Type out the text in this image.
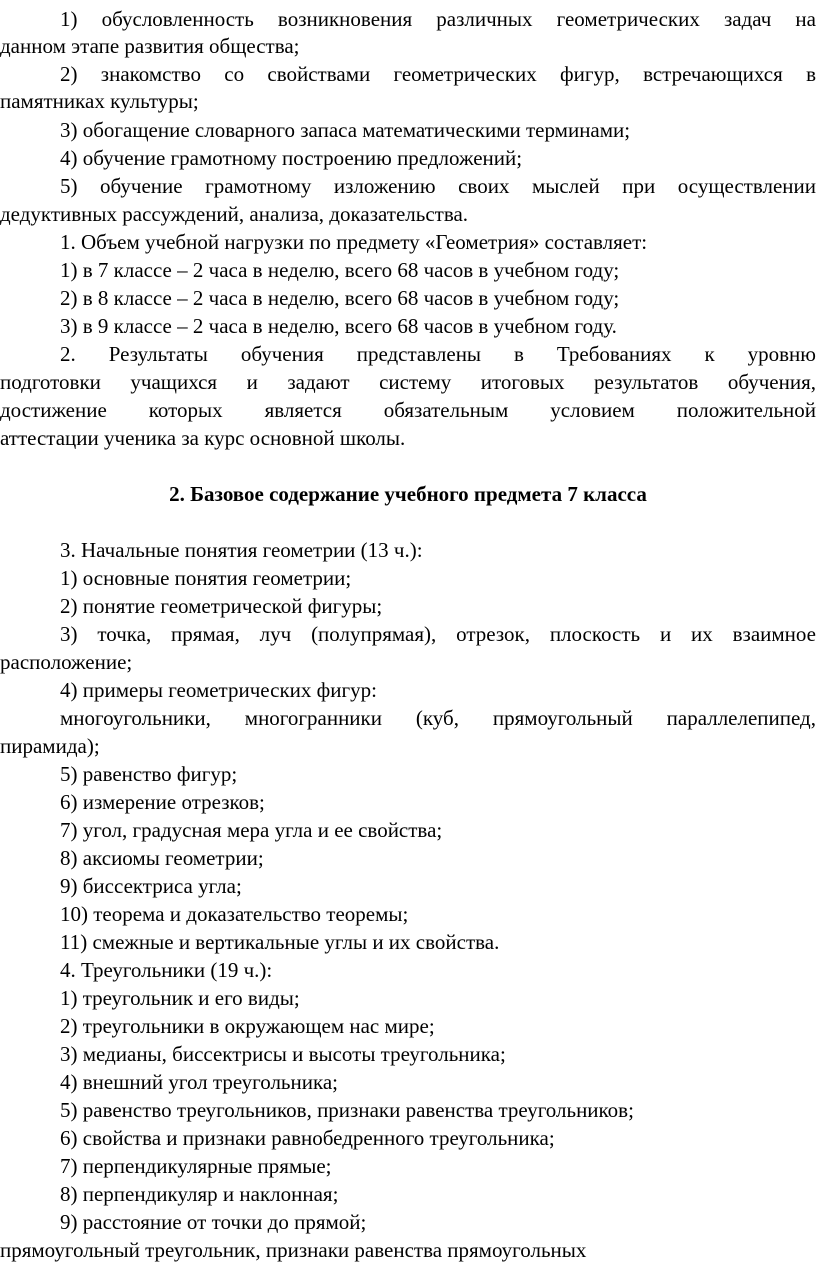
1) обусловленность возникновения различных геометрических задач на
данном этапе развития общества;
2) знакомство со свойствами геометрических фигур, встречающихся в
памятниках культуры;
3) обогащение словарного запаса математическими терминами;
4) обучение грамотному построению предложений;
5) обучение грамотному изложению своих мыслей при осуществлении
дедуктивных рассуждений, анализа, доказательства.
1. Объем учебной нагрузки по предмету «Геометрия» составляет:
1) в 7 классе – 2 часа в неделю, всего 68 часов в учебном году;
2) в 8 классе – 2 часа в неделю, всего 68 часов в учебном году;
3) в 9 классе – 2 часа в неделю, всего 68 часов в учебном году.
2. Результаты обучения представлены в Требованиях к уровню
подготовки учащихся и задают систему итоговых результатов обучения,
достижение которых является обязательным условием положительной
аттестации ученика за курс основной школы.
2. Базовое содержание учебного предмета 7 класса
3. Начальные понятия геометрии (13 ч.):
1) основные понятия геометрии;
2) понятие геометрической фигуры;
3) точка, прямая, луч (полупрямая), отрезок, плоскость и их взаимное
расположение;
4) примеры геометрических фигур:
многоугольники, многогранники (куб, прямоугольный параллелепипед,
пирамида);
5) равенство фигур;
6) измерение отрезков;
7) угол, градусная мера угла и ее свойства;
8) аксиомы геометрии;
9) биссектриса угла;
10) теорема и доказательство теоремы;
11) смежные и вертикальные углы и их свойства.
4. Треугольники (19 ч.):
1) треугольник и его виды;
2) треугольники в окружающем нас мире;
3) медианы, биссектрисы и высоты треугольника;
4) внешний угол треугольника;
5) равенство треугольников, признаки равенства треугольников;
6) свойства и признаки равнобедренного треугольника;
7) перпендикулярные прямые;
8) перпендикуляр и наклонная;
9) расстояние от точки до прямой;
прямоугольный треугольник, признаки равенства прямоугольных
